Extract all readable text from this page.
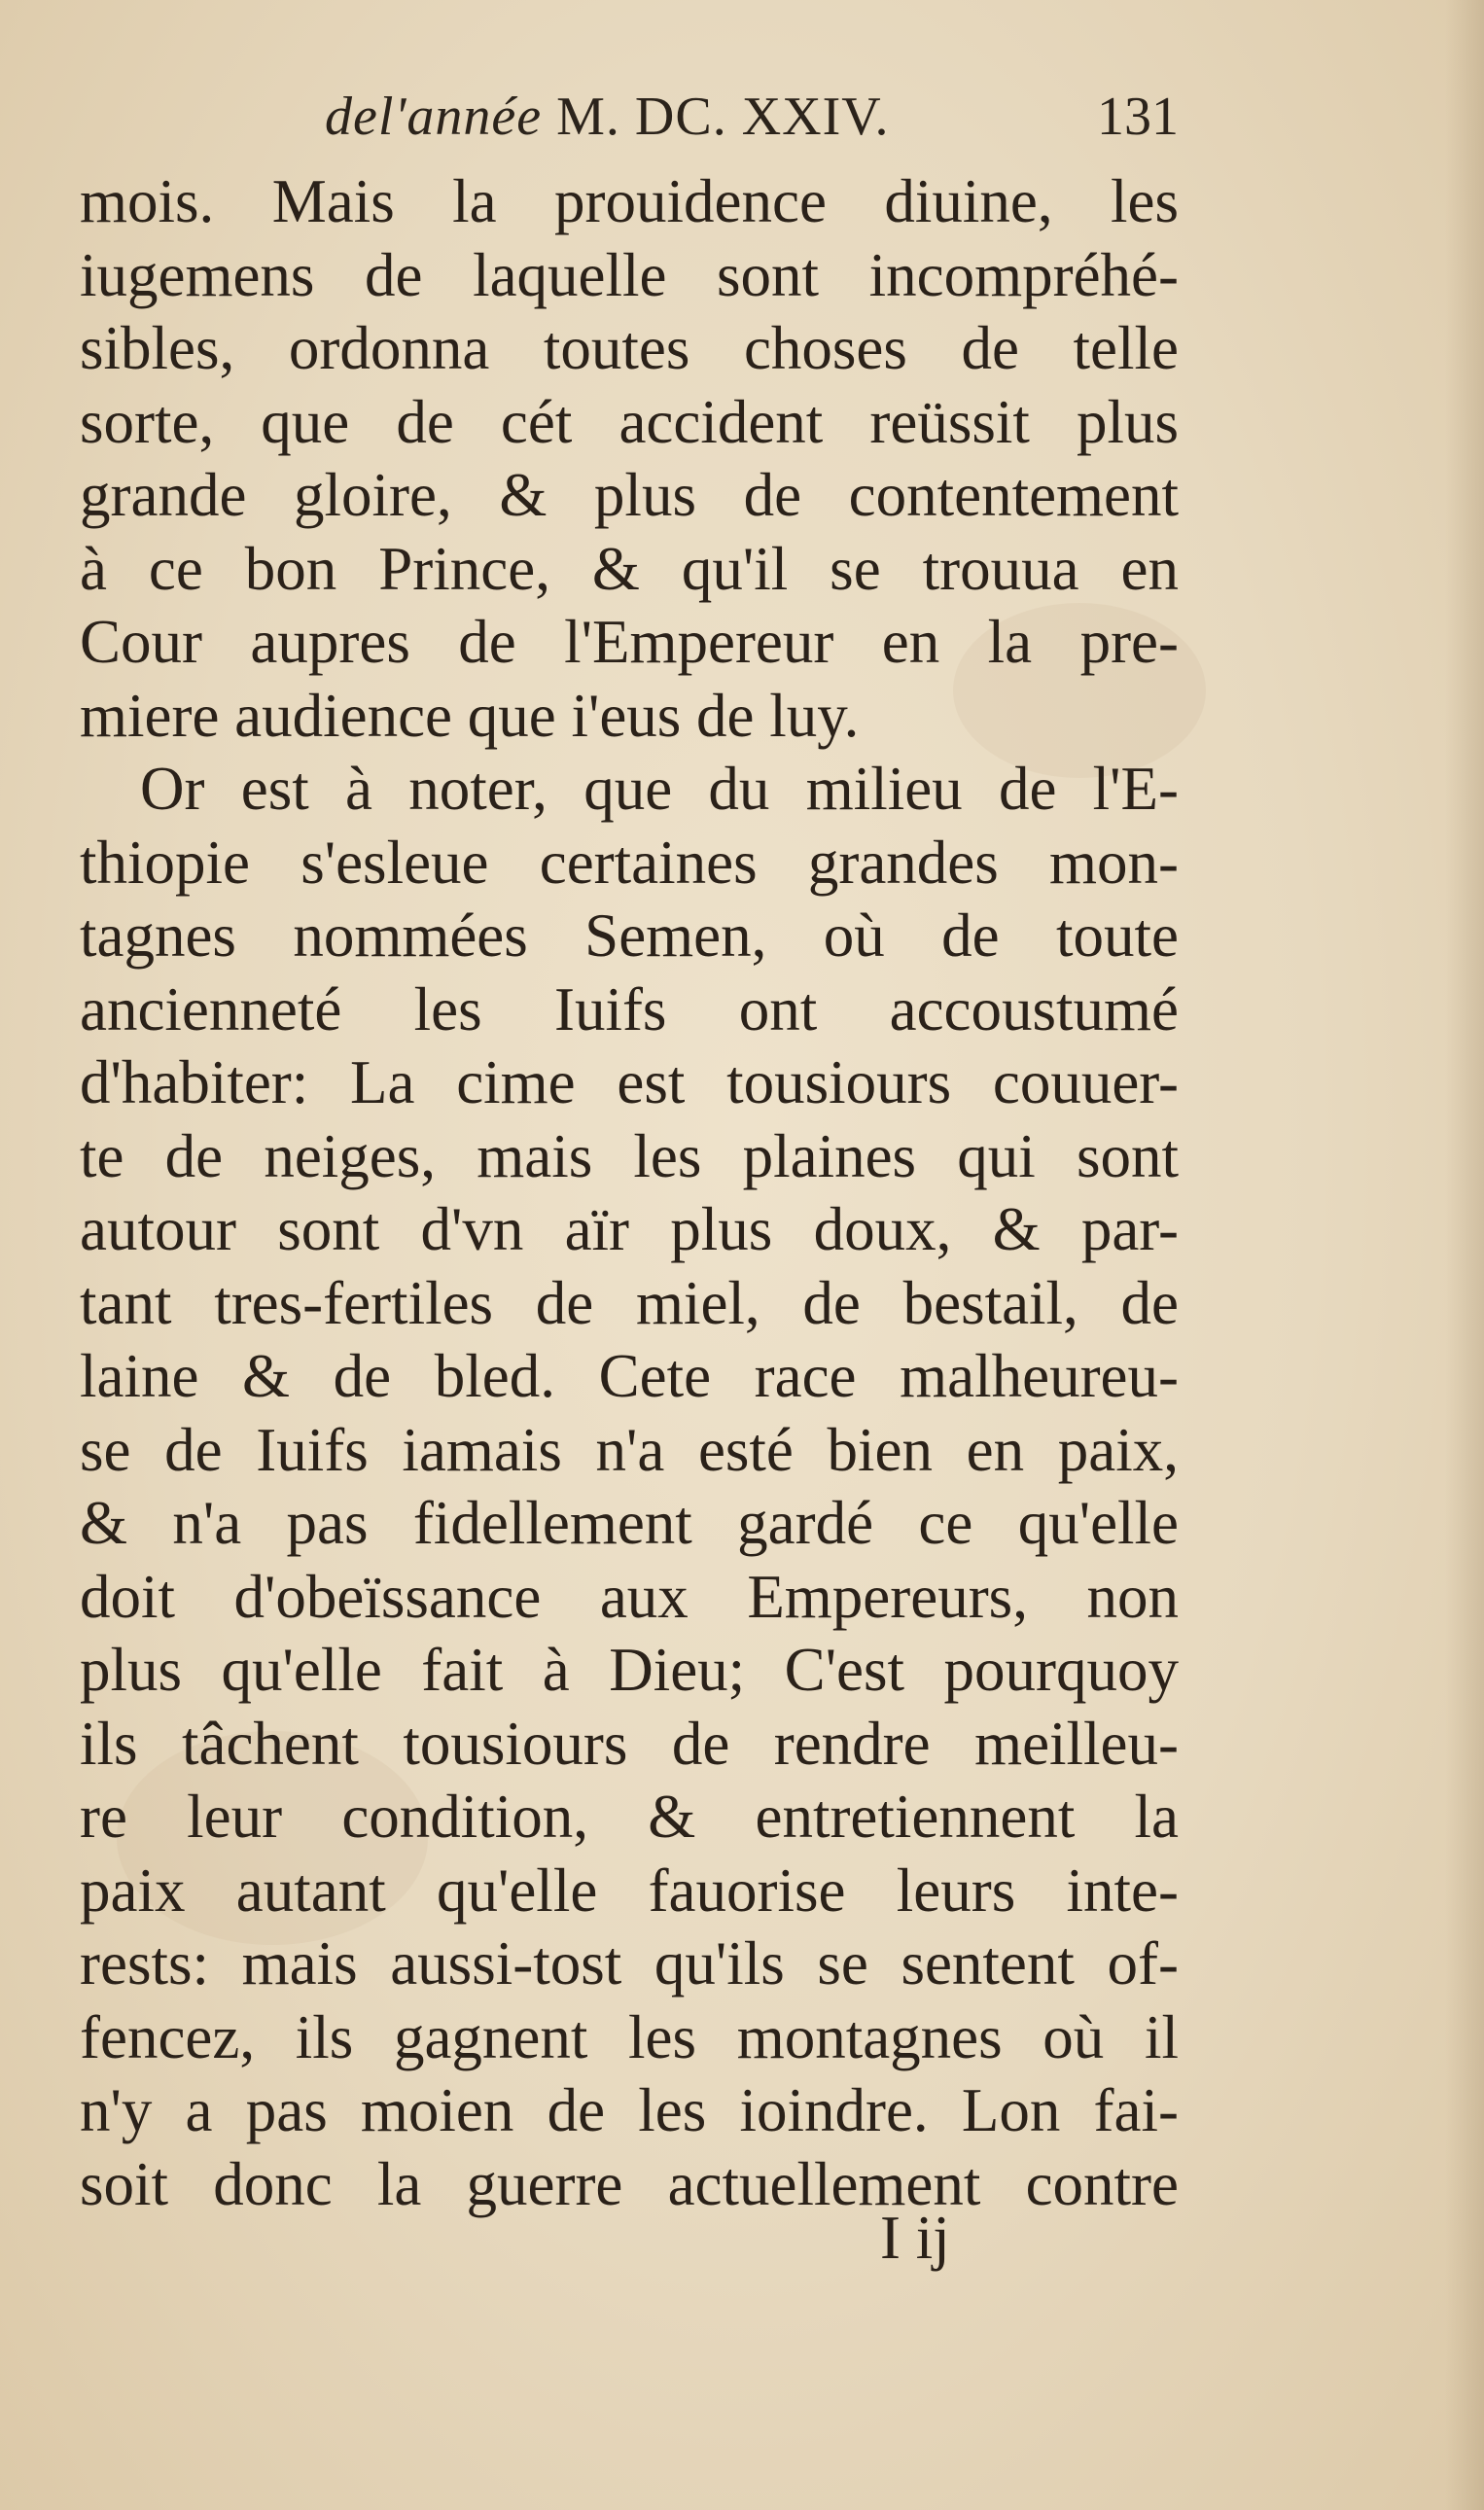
del'année M. DC. XXIV.	131
mois. Mais la prouidence diuine, les
iugemens de laquelle sont incompréhé-
sibles, ordonna toutes choses de telle
sorte, que de cét accident reüssit plus
grande gloire, & plus de contentement
à ce bon Prince, & qu'il se trouua en
Cour aupres de l'Empereur en la pre-
miere audience que i'eus de luy.
Or est à noter, que du milieu de l'E-
thiopie s'esleue certaines grandes mon-
tagnes nommées Semen, où de toute
ancienneté les Iuifs ont accoustumé
d'habiter: La cime est tousiours couuer-
te de neiges, mais les plaines qui sont
autour sont d'vn aïr plus doux, & par-
tant tres-fertiles de miel, de bestail, de
laine & de bled. Cete race malheureu-
se de Iuifs iamais n'a esté bien en paix,
& n'a pas fidellement gardé ce qu'elle
doit d'obeïssance aux Empereurs, non
plus qu'elle fait à Dieu; C'est pourquoy
ils tâchent tousiours de rendre meilleu-
re leur condition, & entretiennent la
paix autant qu'elle fauorise leurs inte-
rests: mais aussi-tost qu'ils se sentent of-
fencez, ils gagnent les montagnes où il
n'y a pas moien de les ioindre. Lon fai-
soit donc la guerre actuellement contre
I ij
